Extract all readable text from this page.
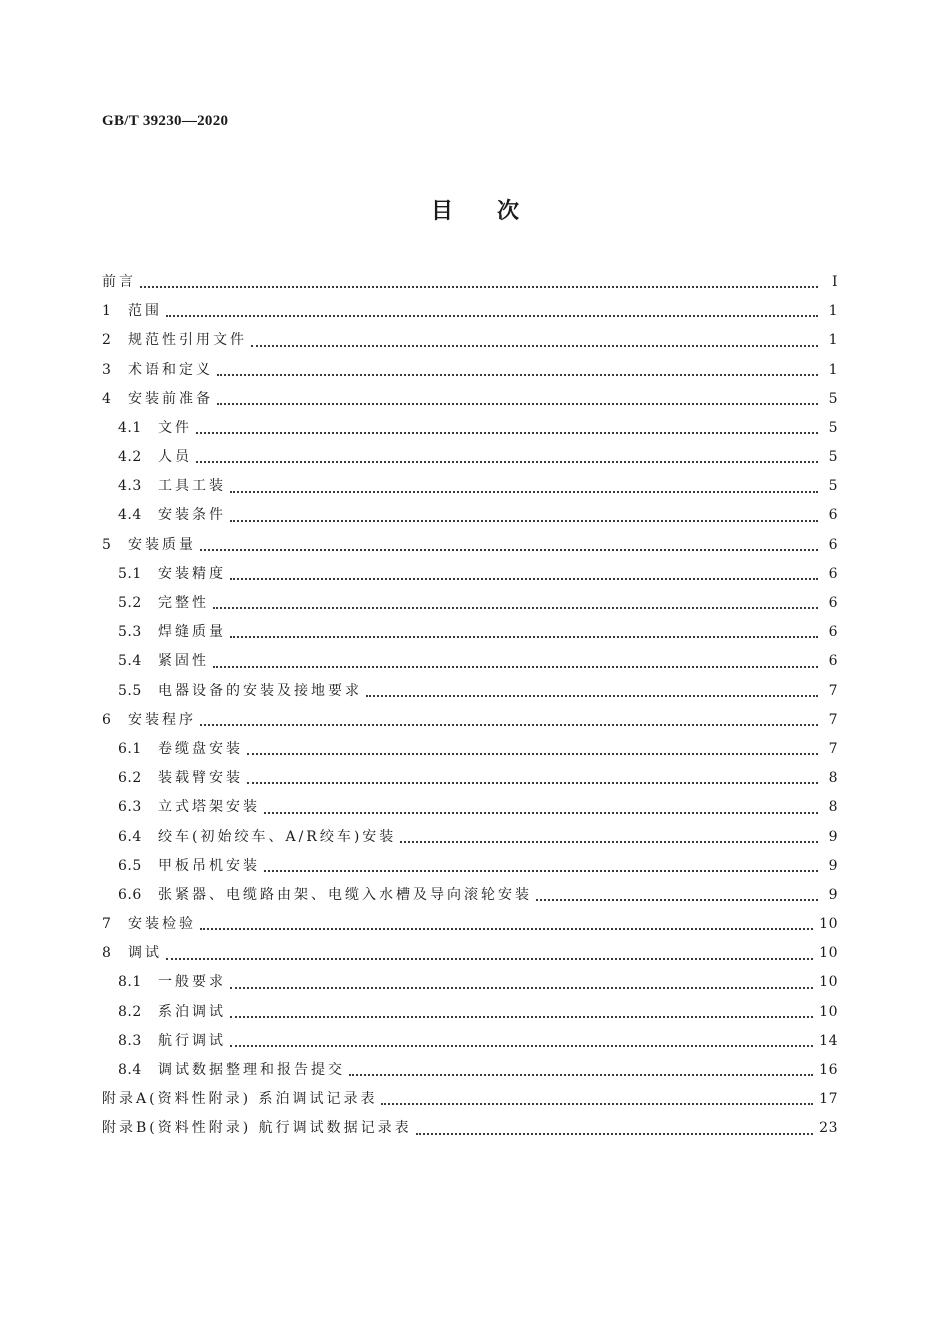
GB/T 39230—2020
目次
前言	I
1	范围	1
2	规范性引用文件	1
3	术语和定义	1
4	安装前准备	5
4.1	文件	5
4.2	人员	5
4.3	工具工装	5
4.4	安装条件	6
5	安装质量	6
5.1	安装精度	6
5.2	完整性	6
5.3	焊缝质量	6
5.4	紧固性	6
5.5	电器设备的安装及接地要求	7
6	安装程序	7
6.1	卷缆盘安装	7
6.2	装载臂安装	8
6.3	立式塔架安装	8
6.4	绞车(初始绞车、A/R绞车)安装	9
6.5	甲板吊机安装	9
6.6	张紧器、电缆路由架、电缆入水槽及导向滚轮安装	9
7	安装检验	10
8	调试	10
8.1	一般要求	10
8.2	系泊调试	10
8.3	航行调试	14
8.4	调试数据整理和报告提交	16
附录A(资料性附录) 系泊调试记录表	17
附录B(资料性附录) 航行调试数据记录表	23
